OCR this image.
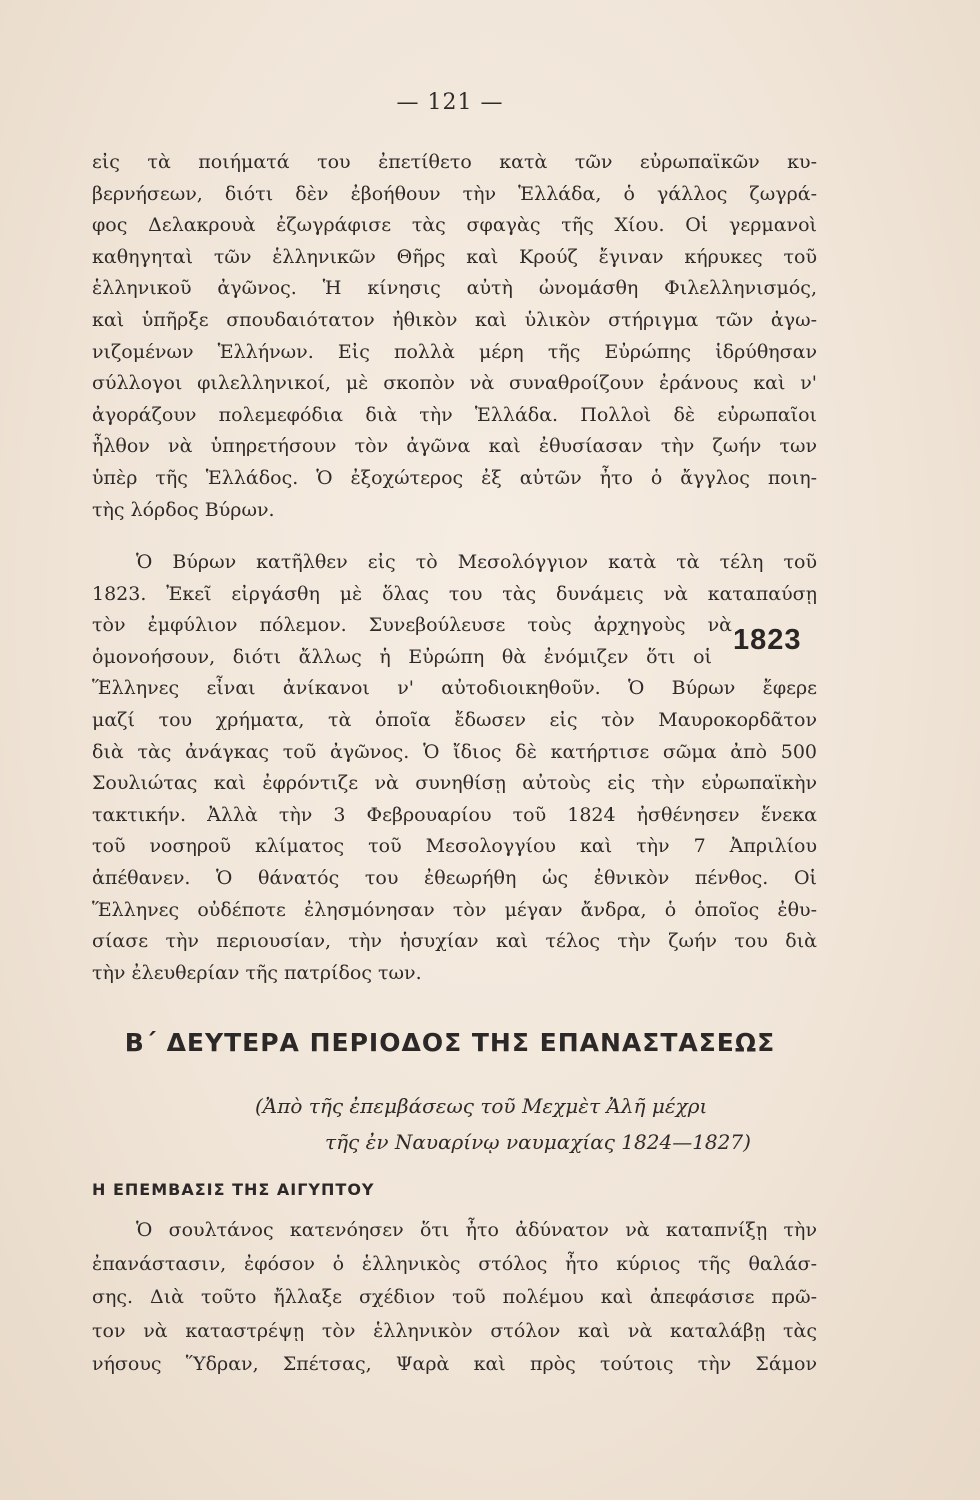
— 121 —
εἰς τὰ ποιήματά του ἐπετίθετο κατὰ τῶν εὐρωπαϊκῶν κυ-
βερνήσεων, διότι δὲν ἐβοήθουν τὴν Ἑλλάδα, ὁ γάλλος ζωγρά-
φος Δελακρουὰ ἐζωγράφισε τὰς σφαγὰς τῆς Χίου. Οἱ γερμανοὶ
καθηγηταὶ τῶν ἑλληνικῶν Θῆρς καὶ Κρούζ ἔγιναν κήρυκες τοῦ
ἑλληνικοῦ ἀγῶνος. Ἡ κίνησις αὐτὴ ὠνομάσθη Φιλελληνισμός,
καὶ ὑπῆρξε σπουδαιότατον ἠθικὸν καὶ ὑλικὸν στήριγμα τῶν ἀγω-
νιζομένων Ἑλλήνων. Εἰς πολλὰ μέρη τῆς Εὐρώπης ἱδρύθησαν
σύλλογοι φιλελληνικοί, μὲ σκοπὸν νὰ συναθροίζουν ἐράνους καὶ ν'
ἀγοράζουν πολεμεφόδια διὰ τὴν Ἑλλάδα. Πολλοὶ δὲ εὐρωπαῖοι
ἦλθον νὰ ὑπηρετήσουν τὸν ἀγῶνα καὶ ἐθυσίασαν τὴν ζωήν των
ὑπὲρ τῆς Ἑλλάδος. Ὁ ἐξοχώτερος ἐξ αὐτῶν ἦτο ὁ ἄγγλος ποιη-
τὴς λόρδος Βύρων.
Ὁ Βύρων κατῆλθεν εἰς τὸ Μεσολόγγιον κατὰ τὰ τέλη τοῦ
1823. Ἐκεῖ εἰργάσθη μὲ ὅλας του τὰς δυνάμεις νὰ καταπαύσῃ
τὸν ἐμφύλιον πόλεμον. Συνεβούλευσε τοὺς ἀρχηγοὺς νὰ
ὁμονοήσουν, διότι ἄλλως ἡ Εὐρώπη θὰ ἐνόμιζεν ὅτι οἱ
Ἕλληνες εἶναι ἀνίκανοι ν' αὐτοδιοικηθοῦν. Ὁ Βύρων ἔφερε
μαζί του χρήματα, τὰ ὁποῖα ἔδωσεν εἰς τὸν Μαυροκορδᾶτον
διὰ τὰς ἀνάγκας τοῦ ἀγῶνος. Ὁ ἴδιος δὲ κατήρτισε σῶμα ἀπὸ 500
Σουλιώτας καὶ ἐφρόντιζε νὰ συνηθίσῃ αὐτοὺς εἰς τὴν εὐρωπαϊκὴν
τακτικήν. Ἀλλὰ τὴν 3 Φεβρουαρίου τοῦ 1824 ἠσθένησεν ἕνεκα
τοῦ νοσηροῦ κλίματος τοῦ Μεσολογγίου καὶ τὴν 7 Ἀπριλίου
ἀπέθανεν. Ὁ θάνατός του ἐθεωρήθη ὡς ἐθνικὸν πένθος. Οἱ
Ἕλληνες οὐδέποτε ἐλησμόνησαν τὸν μέγαν ἄνδρα, ὁ ὁποῖος ἐθυ-
σίασε τὴν περιουσίαν, τὴν ἡσυχίαν καὶ τέλος τὴν ζωήν του διὰ
τὴν ἐλευθερίαν τῆς πατρίδος των.
1823
Β΄ ΔΕΥΤΕΡΑ ΠΕΡΙΟΔΟΣ ΤΗΣ ΕΠΑΝΑΣΤΑΣΕΩΣ
(Ἀπὸ τῆς ἐπεμβάσεως τοῦ Μεχμὲτ Ἀλῆ μέχρι
τῆς ἐν Ναυαρίνῳ ναυμαχίας 1824—1827)
Η ΕΠΕΜΒΑΣΙΣ ΤΗΣ ΑΙΓΥΠΤΟΥ
Ὁ σουλτάνος κατενόησεν ὅτι ἦτο ἀδύνατον νὰ καταπνίξῃ τὴν
ἐπανάστασιν, ἐφόσον ὁ ἑλληνικὸς στόλος ἦτο κύριος τῆς θαλάσ-
σης. Διὰ τοῦτο ἤλλαξε σχέδιον τοῦ πολέμου καὶ ἀπεφάσισε πρῶ-
τον νὰ καταστρέψῃ τὸν ἑλληνικὸν στόλον καὶ νὰ καταλάβῃ τὰς
νήσους Ὕδραν, Σπέτσας, Ψαρὰ καὶ πρὸς τούτοις τὴν Σάμον
